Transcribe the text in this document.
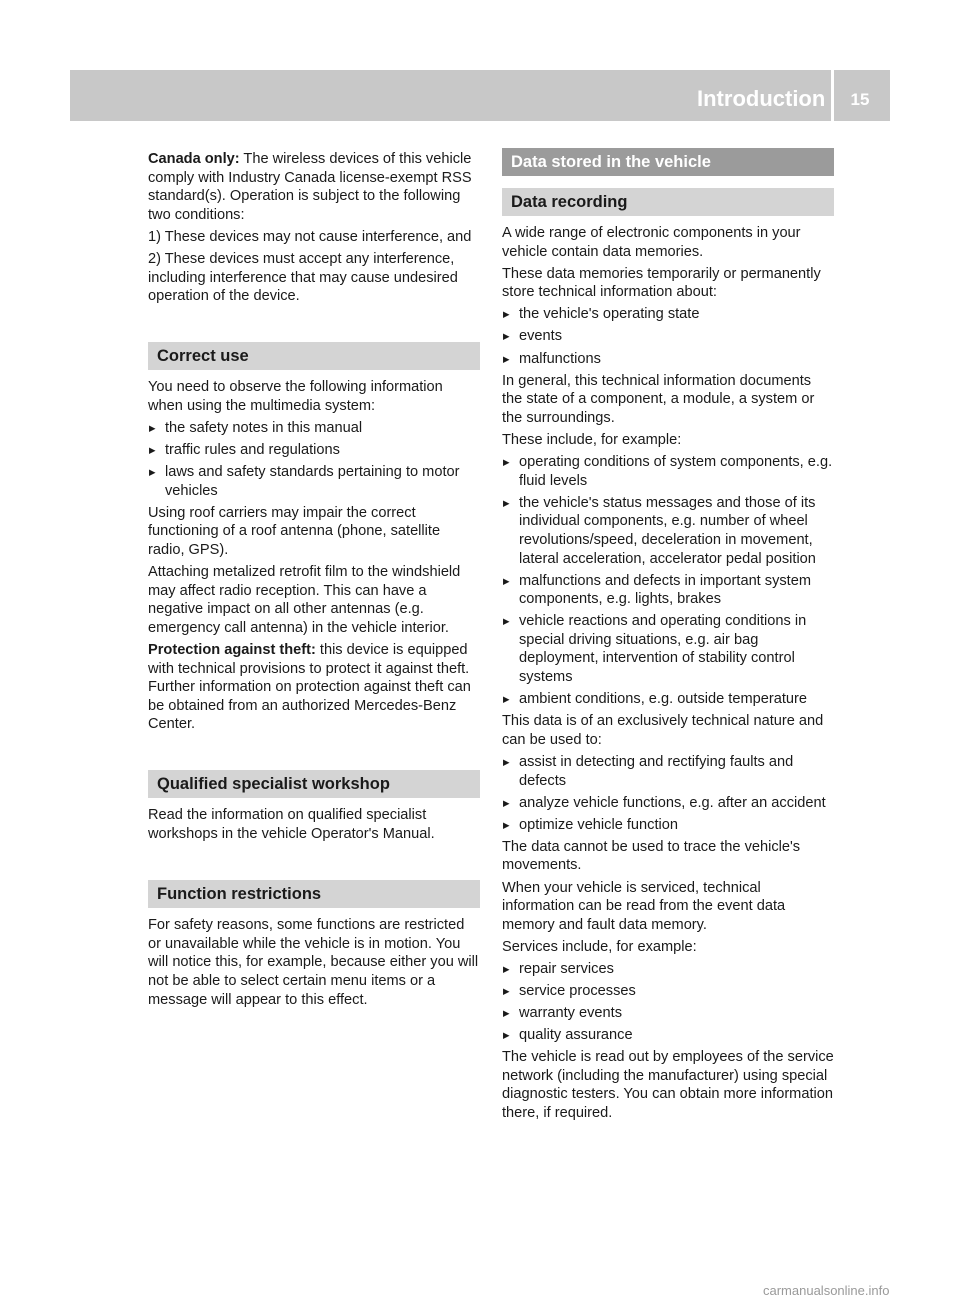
Introduction	15

Canada only: The wireless devices of this vehicle comply with Industry Canada license-exempt RSS standard(s). Operation is subject to the following two conditions:

1) These devices may not cause interference, and

2) These devices must accept any interference, including interference that may cause undesired operation of the device.

Correct use

You need to observe the following information when using the multimedia system:

▶ the safety notes in this manual
▶ traffic rules and regulations
▶ laws and safety standards pertaining to motor vehicles

Using roof carriers may impair the correct functioning of a roof antenna (phone, satellite radio, GPS).

Attaching metalized retrofit film to the windshield may affect radio reception. This can have a negative impact on all other antennas (e.g. emergency call antenna) in the vehicle interior.

Protection against theft: this device is equipped with technical provisions to protect it against theft. Further information on protection against theft can be obtained from an authorized Mercedes-Benz Center.

Qualified specialist workshop

Read the information on qualified specialist workshops in the vehicle Operator's Manual.

Function restrictions

For safety reasons, some functions are restricted or unavailable while the vehicle is in motion. You will notice this, for example, because either you will not be able to select certain menu items or a message will appear to this effect.

Data stored in the vehicle
Data recording

A wide range of electronic components in your vehicle contain data memories.

These data memories temporarily or permanently store technical information about:

▶ the vehicle's operating state
▶ events
▶ malfunctions

In general, this technical information documents the state of a component, a module, a system or the surroundings.

These include, for example:

▶ operating conditions of system components, e.g. fluid levels
▶ the vehicle's status messages and those of its individual components, e.g. number of wheel revolutions/speed, deceleration in movement, lateral acceleration, accelerator pedal position
▶ malfunctions and defects in important system components, e.g. lights, brakes
▶ vehicle reactions and operating conditions in special driving situations, e.g. air bag deployment, intervention of stability control systems
▶ ambient conditions, e.g. outside temperature

This data is of an exclusively technical nature and can be used to:

▶ assist in detecting and rectifying faults and defects
▶ analyze vehicle functions, e.g. after an accident
▶ optimize vehicle function

The data cannot be used to trace the vehicle's movements.

When your vehicle is serviced, technical information can be read from the event data memory and fault data memory.

Services include, for example:

▶ repair services
▶ service processes
▶ warranty events
▶ quality assurance

The vehicle is read out by employees of the service network (including the manufacturer) using special diagnostic testers. You can obtain more information there, if required.

carmanualsonline.info
